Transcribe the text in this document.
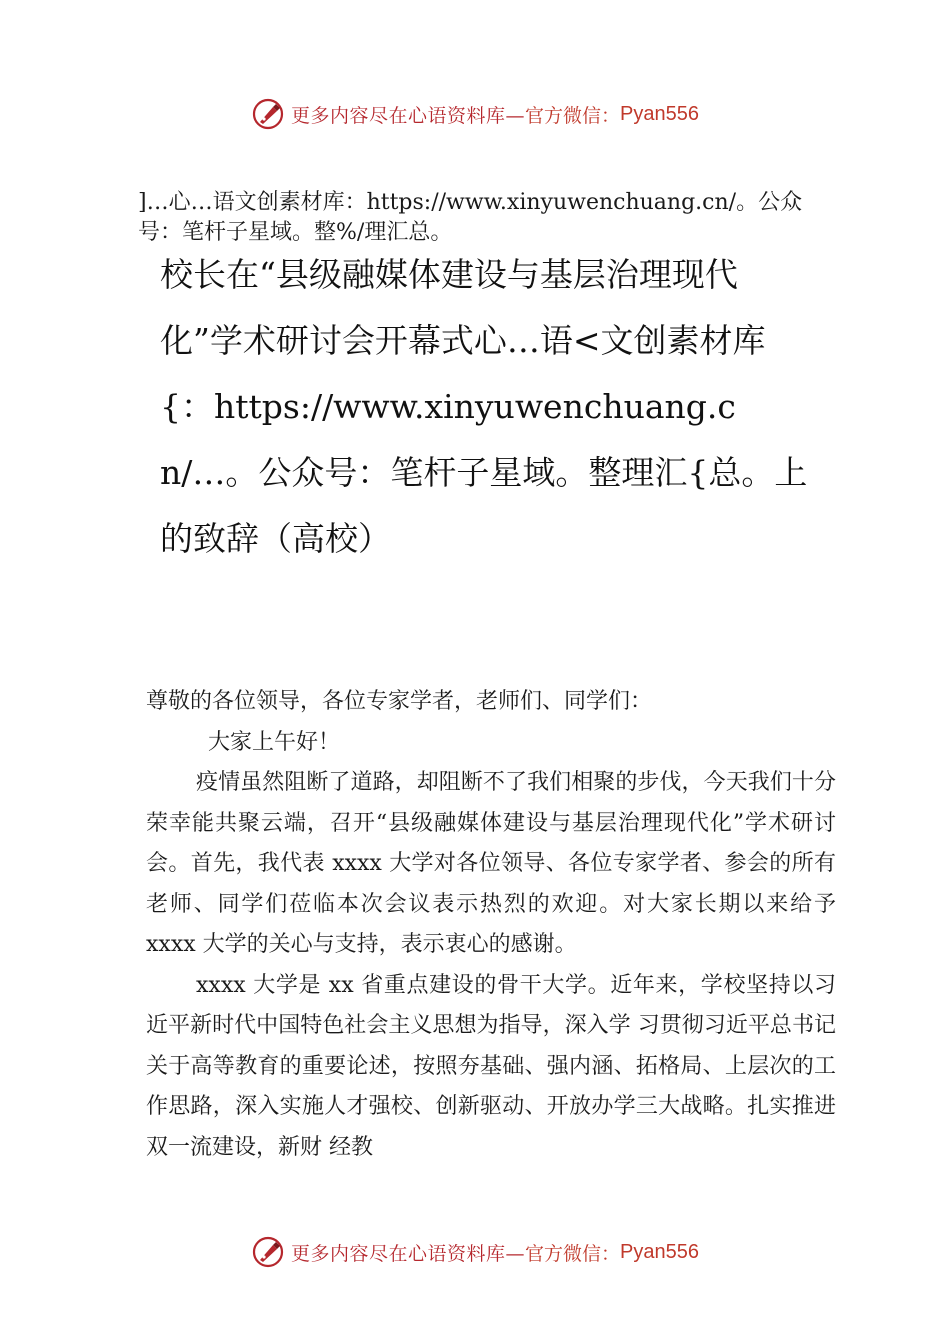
更多内容尽在心语资料库— 官方微信： Pyan556
]…心…语文创素材库：https://www.xinyuwenchuang.cn/。公众号：笔杆子星域。整%/理汇总。
校长在“县级融媒体建设与基层治理现代化”学术研讨会开幕式心…语<文创素材库{：https://www.xinyuwenchuang.cn/…。公众号：笔杆子星域。整理汇{总。上的致辞（高校）

尊敬的各位领导，各位专家学者，老师们、同学们：

大家上午好！

疫情虽然阻断了道路，却阻断不了我们相聚的步伐，今天我们十分荣幸能共聚云端，召开“县级融媒体建设与基层治理现代化”学术研讨会。首先，我代表 xxxx 大学对各位领导、各位专家学者、参会的所有老师、同学们莅临本次会议表示热烈的欢迎。对大家长期以来给予 xxxx 大学的关心与支持，表示衷心的感谢。

xxxx 大学是 xx 省重点建设的骨干大学。近年来，学校坚持以习近平新时代中国特色社会主义思想为指导，深入学 习贯彻习近平总书记关于高等教育的重要论述，按照夯基础、强内涵、拓格局、上层次的工作思路，深入实施人才强校、创新驱动、开放办学三大战略。扎实推进双一流建设，新财 经教

更多内容尽在心语资料库— 官方微信： Pyan556
